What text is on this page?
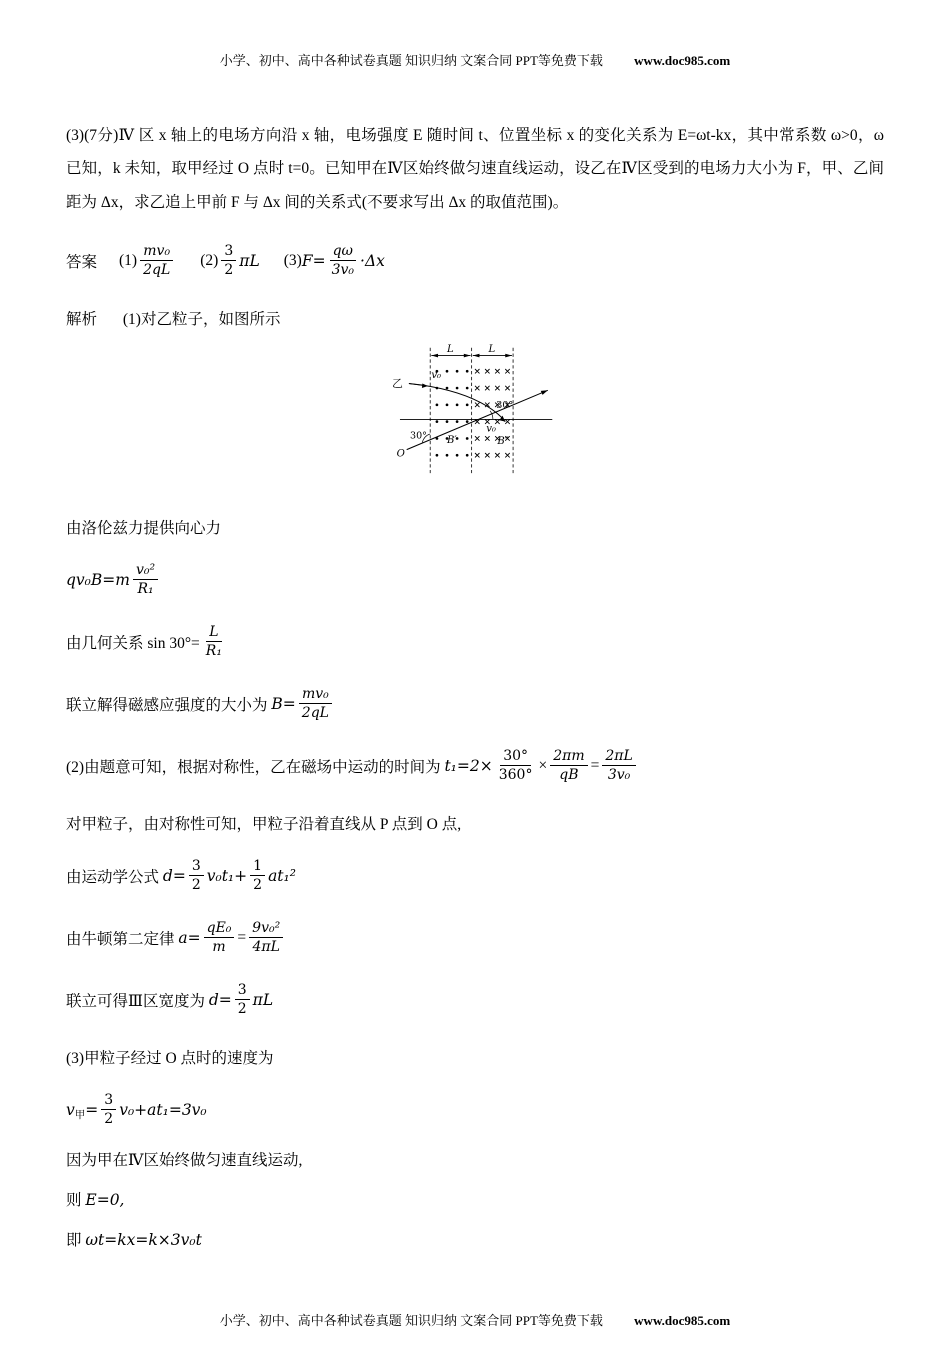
小学、初中、高中各种试卷真题 知识归纳 文案合同 PPT等免费下载 www.doc985.com

(3)(7分)Ⅳ 区 x 轴上的电场方向沿 x 轴，电场强度 E 随时间 t、位置坐标 x 的变化关系为 E=ωt-kx，其中常系数 ω>0，ω 已知，k 未知，取甲经过 O 点时 t=0。已知甲在Ⅳ区始终做匀速直线运动，设乙在Ⅳ区受到的电场力大小为 F，甲、乙间距为 Δx，求乙追上甲前 F 与 Δx 间的关系式(不要求写出 Δx 的取值范围)。

答案 $(1) \frac{\text{mv₀}}{2qL} (2) \frac{3}{2}$ πL (3) $F= \frac{q\omega}{\text{3v₀}} \cdot\Delta x$

解析 (1)对乙粒子，如图所示

L	L
乙
v₀
v₀
30°
30°
O
B′	B″

由洛伦兹力提供向心力

$qv_0B=m \frac{\text{v₀²}}{\text{R₁}}$

由几何关系 $\sin 30^\circ= \frac{L}{\text{R₁}}$

联立解得磁感应强度的大小为 $B= \frac{\text{mv₀}}{2qL}$

(2)由题意可知，根据对称性，乙在磁场中运动的时间为 $t_1=2\times \frac{30^\circ}{360^\circ} \times \frac{2\pi m}{qB} = \frac{2\pi L}{\text{3v₀}}$

对甲粒子，由对称性可知，甲粒子沿着直线从 P 点到 O 点,

由运动学公式 $d= \frac{3}{2} v_0t_1+ \frac{1}{2} at_1^2$

由牛顿第二定律 $a= \frac{\text{qE₀}}{m} = \frac{\text{9v₀²}}{4\pi L}$

联立可得Ⅲ区宽度为 $d= \frac{3}{2}$ πL

(3)甲粒子经过 O 点时的速度为

v 甲 = $\frac{3}{2} v_0+at_1=3v_0$

因为甲在Ⅳ区始终做匀速直线运动,

则 E=0,

即 ωt=kx=k×3v₀t

小学、初中、高中各种试卷真题 知识归纳 文案合同 PPT等免费下载 www.doc985.com
